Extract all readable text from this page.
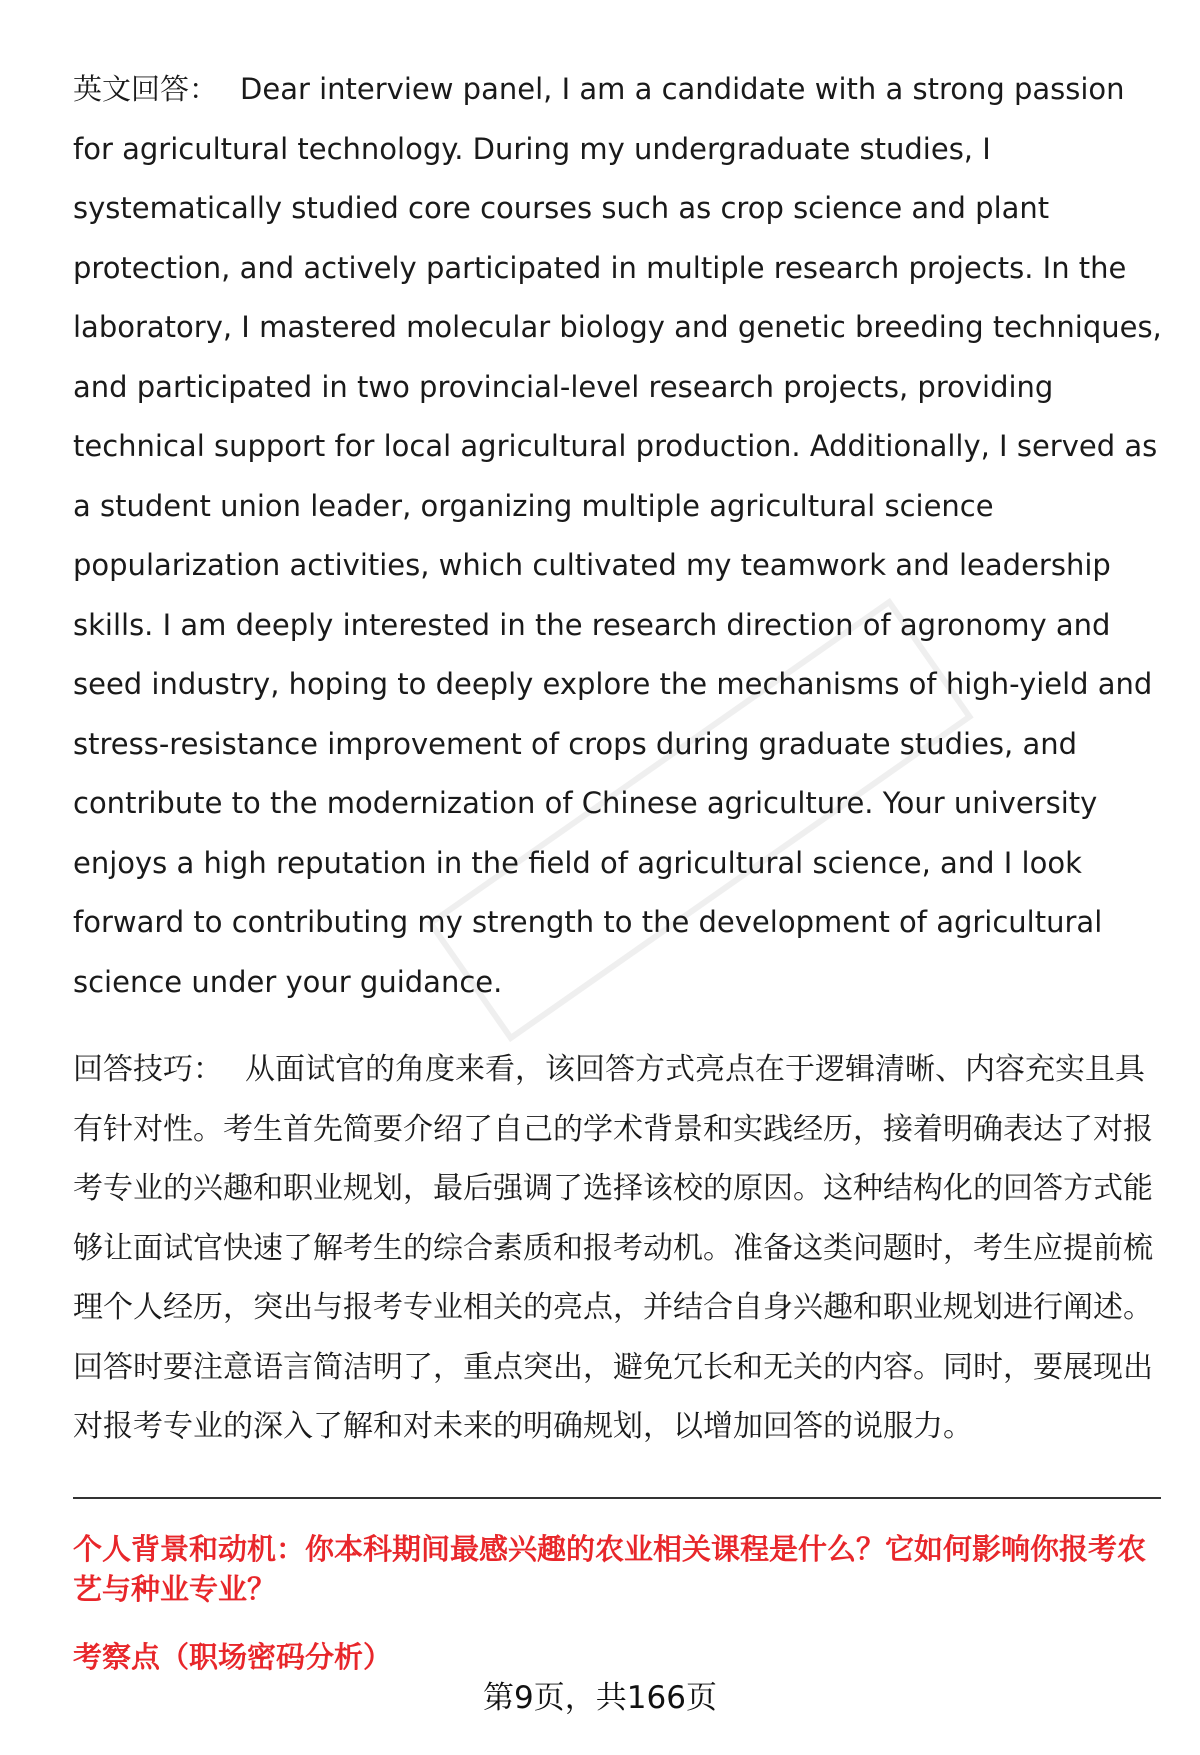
英文回答： Dear interview panel, I am a candidate with a strong passion for agricultural technology. During my undergraduate studies, I systematically studied core courses such as crop science and plant protection, and actively participated in multiple research projects. In the laboratory, I mastered molecular biology and genetic breeding techniques, and participated in two provincial-level research projects, providing technical support for local agricultural production. Additionally, I served as a student union leader, organizing multiple agricultural science popularization activities, which cultivated my teamwork and leadership skills. I am deeply interested in the research direction of agronomy and seed industry, hoping to deeply explore the mechanisms of high-yield and stress-resistance improvement of crops during graduate studies, and contribute to the modernization of Chinese agriculture. Your university enjoys a high reputation in the field of agricultural science, and I look forward to contributing my strength to the development of agricultural science under your guidance.

回答技巧： 从面试官的角度来看，该回答方式亮点在于逻辑清晰、内容充实且具有针对性。考生首先简要介绍了自己的学术背景和实践经历，接着明确表达了对报考专业的兴趣和职业规划，最后强调了选择该校的原因。这种结构化的回答方式能够让面试官快速了解考生的综合素质和报考动机。准备这类问题时，考生应提前梳理个人经历，突出与报考专业相关的亮点，并结合自身兴趣和职业规划进行阐述。回答时要注意语言简洁明了，重点突出，避免冗长和无关的内容。同时，要展现出对报考专业的深入了解和对未来的明确规划，以增加回答的说服力。

个人背景和动机：你本科期间最感兴趣的农业相关课程是什么？它如何影响你报考农艺与种业专业？
考察点（职场密码分析）
第9页，共166页
